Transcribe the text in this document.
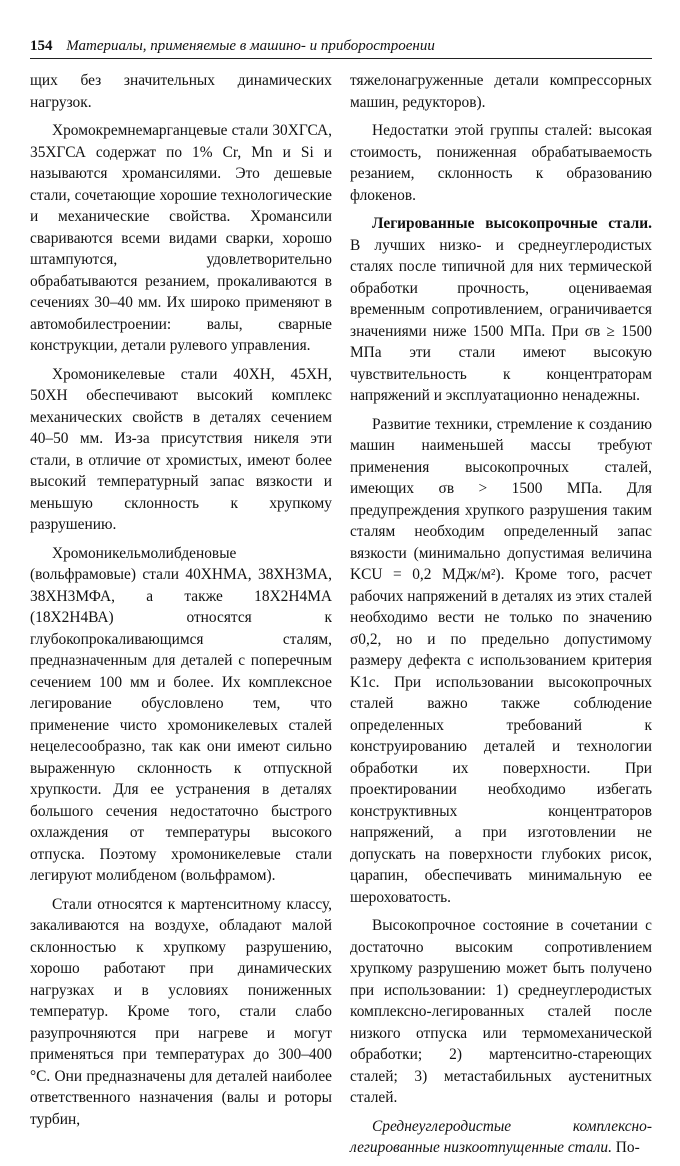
154 Материалы, применяемые в машино- и приборостроении

щих без значительных динамических нагрузок.

Хромокремнемарганцевые стали 30ХГСА, 35ХГСА содержат по 1% Cr, Mn и Si и называются хромансилями. Это дешевые стали, сочетающие хорошие технологические и механические свойства. Хромансили свариваются всеми видами сварки, хорошо штампуются, удовлетворительно обрабатываются резанием, прокаливаются в сечениях 30–40 мм. Их широко применяют в автомобилестроении: валы, сварные конструкции, детали рулевого управления.

Хромоникелевые стали 40ХН, 45ХН, 50ХН обеспечивают высокий комплекс механических свойств в деталях сечением 40–50 мм. Из-за присутствия никеля эти стали, в отличие от хромистых, имеют более высокий температурный запас вязкости и меньшую склонность к хрупкому разрушению.

Хромоникельмолибденовые (вольфрамовые) стали 40ХНМА, 38ХН3МА, 38ХН3МФА, а также 18Х2Н4МА (18Х2Н4ВА) относятся к глубокопрокаливающимся сталям, предназначенным для деталей с поперечным сечением 100 мм и более. Их комплексное легирование обусловлено тем, что применение чисто хромоникелевых сталей нецелесообразно, так как они имеют сильно выраженную склонность к отпускной хрупкости. Для ее устранения в деталях большого сечения недостаточно быстрого охлаждения от температуры высокого отпуска. Поэтому хромоникелевые стали легируют молибденом (вольфрамом).

Стали относятся к мартенситному классу, закаливаются на воздухе, обладают малой склонностью к хрупкому разрушению, хорошо работают при динамических нагрузках и в условиях пониженных температур. Кроме того, стали слабо разупрочняются при нагреве и могут применяться при температурах до 300–400 °С. Они предназначены для деталей наиболее ответственного назначения (валы и роторы турбин,

тяжелонагруженные детали компрессорных машин, редукторов).

Недостатки этой группы сталей: высокая стоимость, пониженная обрабатываемость резанием, склонность к образованию флокенов.

Легированные высокопрочные стали. В лучших низко- и среднеуглеродистых сталях после типичной для них термической обработки прочность, оцениваемая временным сопротивлением, ограничивается значениями ниже 1500 МПа. При σв ≥ 1500 МПа эти стали имеют высокую чувствительность к концентраторам напряжений и эксплуатационно ненадежны.

Развитие техники, стремление к созданию машин наименьшей массы требуют применения высокопрочных сталей, имеющих σв > 1500 МПа. Для предупреждения хрупкого разрушения таким сталям необходим определенный запас вязкости (минимально допустимая величина KCU = 0,2 МДж/м²). Кроме того, расчет рабочих напряжений в деталях из этих сталей необходимо вести не только по значению σ0,2, но и по предельно допустимому размеру дефекта с использованием критерия K1c. При использовании высокопрочных сталей важно также соблюдение определенных требований к конструированию деталей и технологии обработки их поверхности. При проектировании необходимо избегать конструктивных концентраторов напряжений, а при изготовлении не допускать на поверхности глубоких рисок, царапин, обеспечивать минимальную ее шероховатость.

Высокопрочное состояние в сочетании с достаточно высоким сопротивлением хрупкому разрушению может быть получено при использовании: 1) среднеуглеродистых комплексно-легированных сталей после низкого отпуска или термомеханической обработки; 2) мартенситно-стареющих сталей; 3) метастабильных аустенитных сталей.

Среднеуглеродистые комплексно-легированные низкоотпущенные стали. По-
